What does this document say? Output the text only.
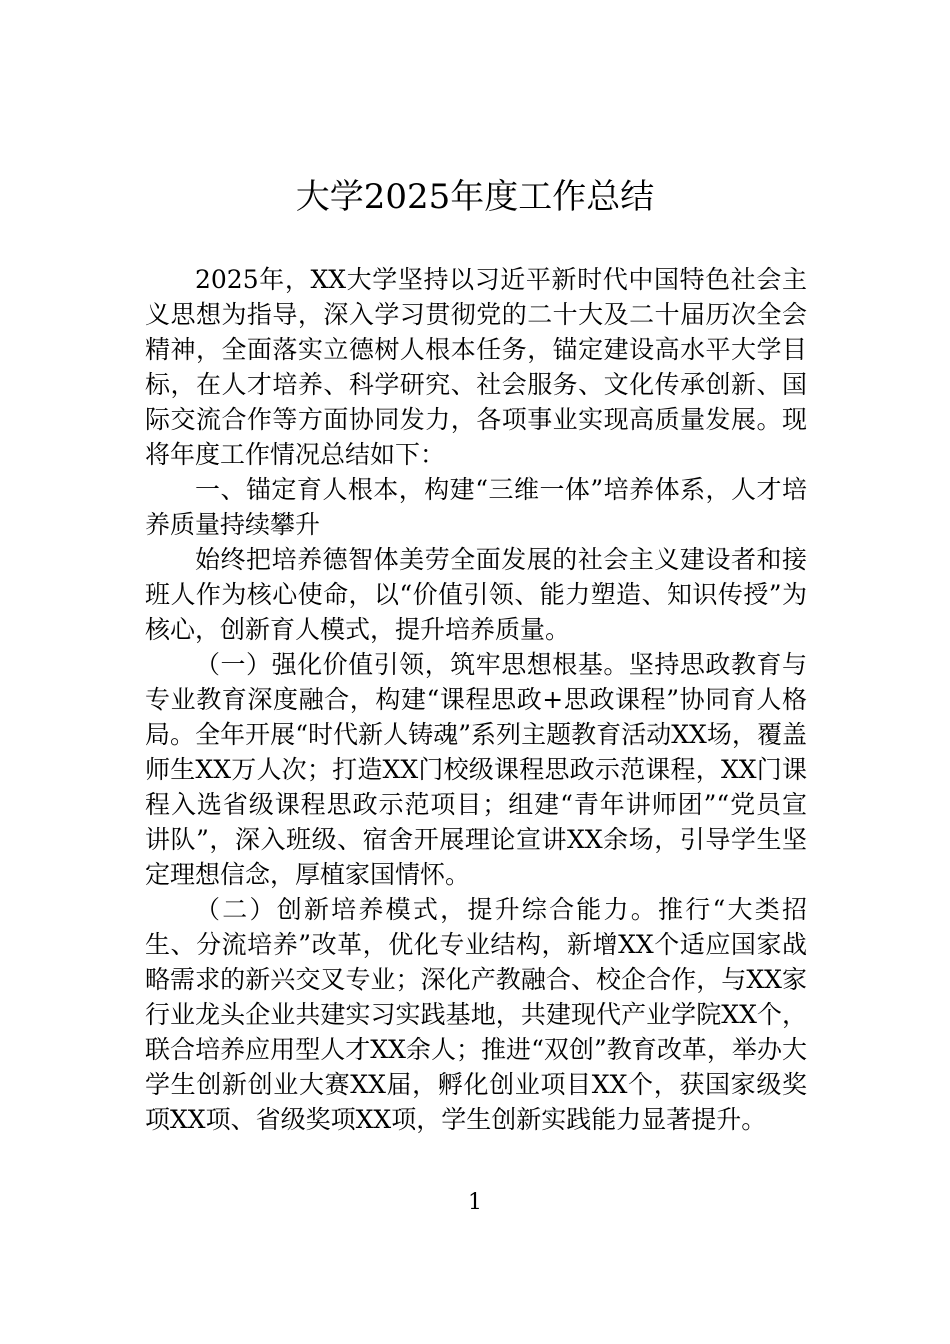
大学2025年度工作总结

2025年，XX大学坚持以习近平新时代中国特色社会主义思想为指导，深入学习贯彻党的二十大及二十届历次全会精神，全面落实立德树人根本任务，锚定建设高水平大学目标，在人才培养、科学研究、社会服务、文化传承创新、国际交流合作等方面协同发力，各项事业实现高质量发展。现将年度工作情况总结如下：

一、锚定育人根本，构建“三维一体”培养体系，人才培养质量持续攀升

始终把培养德智体美劳全面发展的社会主义建设者和接班人作为核心使命，以“价值引领、能力塑造、知识传授”为核心，创新育人模式，提升培养质量。

（一）强化价值引领，筑牢思想根基。坚持思政教育与专业教育深度融合，构建“课程思政+思政课程”协同育人格局。全年开展“时代新人铸魂”系列主题教育活动XX场，覆盖师生XX万人次；打造XX门校级课程思政示范课程，XX门课程入选省级课程思政示范项目；组建“青年讲师团”“党员宣讲队”，深入班级、宿舍开展理论宣讲XX余场，引导学生坚定理想信念，厚植家国情怀。

（二）创新培养模式，提升综合能力。推行“大类招生、分流培养”改革，优化专业结构，新增XX个适应国家战略需求的新兴交叉专业；深化产教融合、校企合作，与XX家行业龙头企业共建实习实践基地，共建现代产业学院XX个，联合培养应用型人才XX余人；推进“双创”教育改革，举办大学生创新创业大赛XX届，孵化创业项目XX个，获国家级奖项XX项、省级奖项XX项，学生创新实践能力显著提升。

1
